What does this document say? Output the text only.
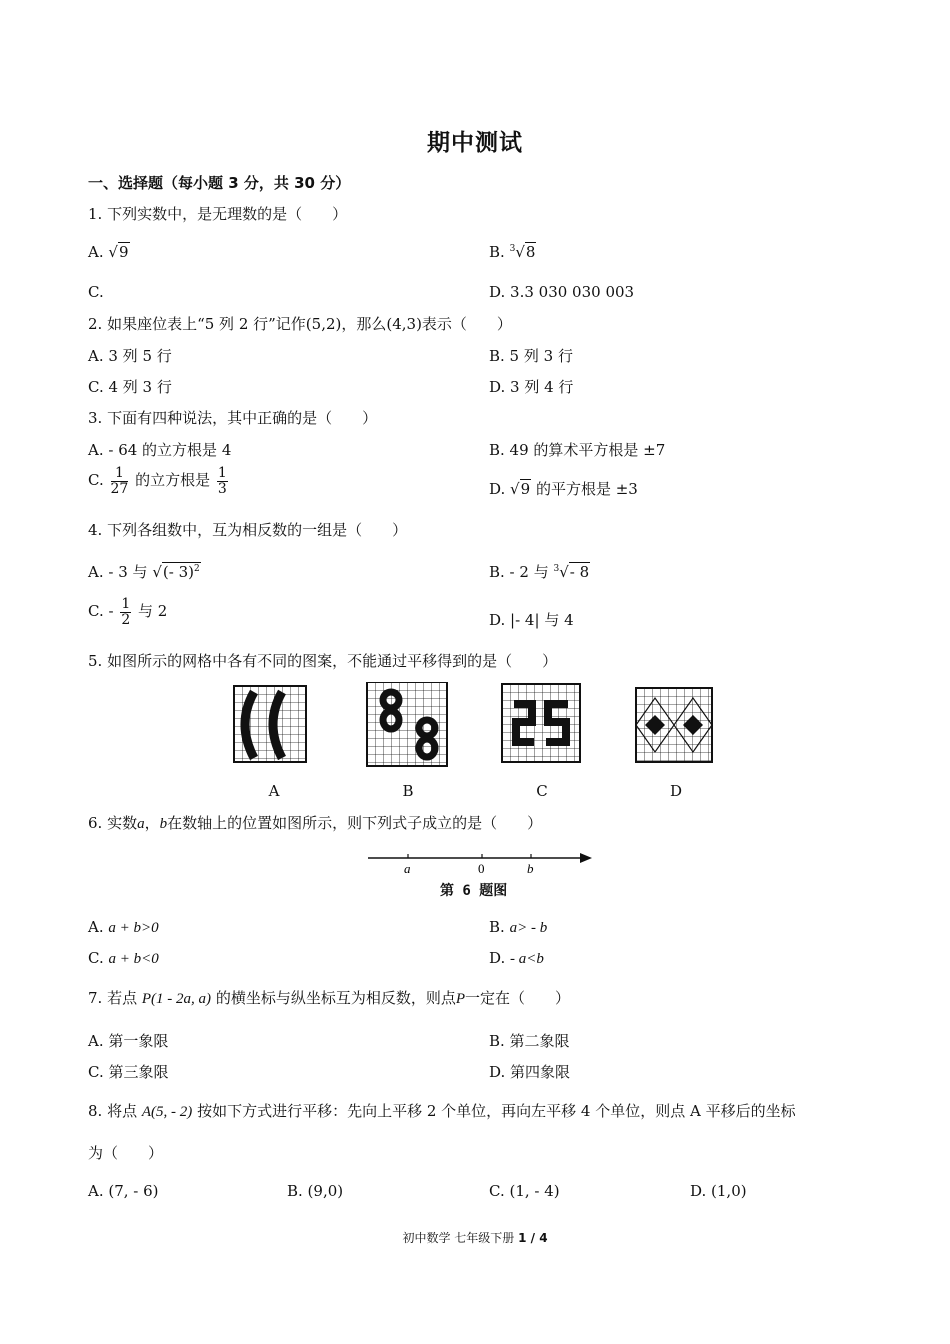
期中测试
一、选择题（每小题 3 分，共 30 分）
1. 下列实数中，是无理数的是（　　）
A. √9	B. $^3$√8
C.	D. 3.3 030 030 003
2. 如果座位表上“5 列 2 行”记作(5,2)，那么(4,3)表示（　　）
A. 3 列 5 行	B. 5 列 3 行
C. 4 列 3 行	D. 3 列 4 行
3. 下面有四种说法，其中正确的是（　　）
A. - 64 的立方根是 4	B. 49 的算术平方根是 ±7
C. $\frac{1}{27}$ 的立方根是 $\frac{1}{3}$	D. √9 的平方根是 ±3
4. 下列各组数中，互为相反数的一组是（　　）
A. - 3 与 √(- 3)$^2$	B. - 2 与 $^3$√- 8
C. - $\frac{1}{2}$ 与 2	D. |- 4| 与 4
5. 如图所示的网格中各有不同的图案，不能通过平移得到的是（　　）
A	B	C	D
6. 实数a，b在数轴上的位置如图所示，则下列式子成立的是（　　）
a	0	b
第 6 题图
A. a + b>0	B. a> - b
C. a + b<0	D. - a<b
7. 若点 P(1 - 2a, a) 的横坐标与纵坐标互为相反数，则点P一定在（　　）
A. 第一象限	B. 第二象限
C. 第三象限	D. 第四象限
8. 将点 A(5, - 2) 按如下方式进行平移：先向上平移 2 个单位，再向左平移 4 个单位，则点 A 平移后的坐标
为（　　）
A. (7, - 6)	B. (9,0)	C. (1, - 4)	D. (1,0)
初中数学 七年级下册 1 / 4
